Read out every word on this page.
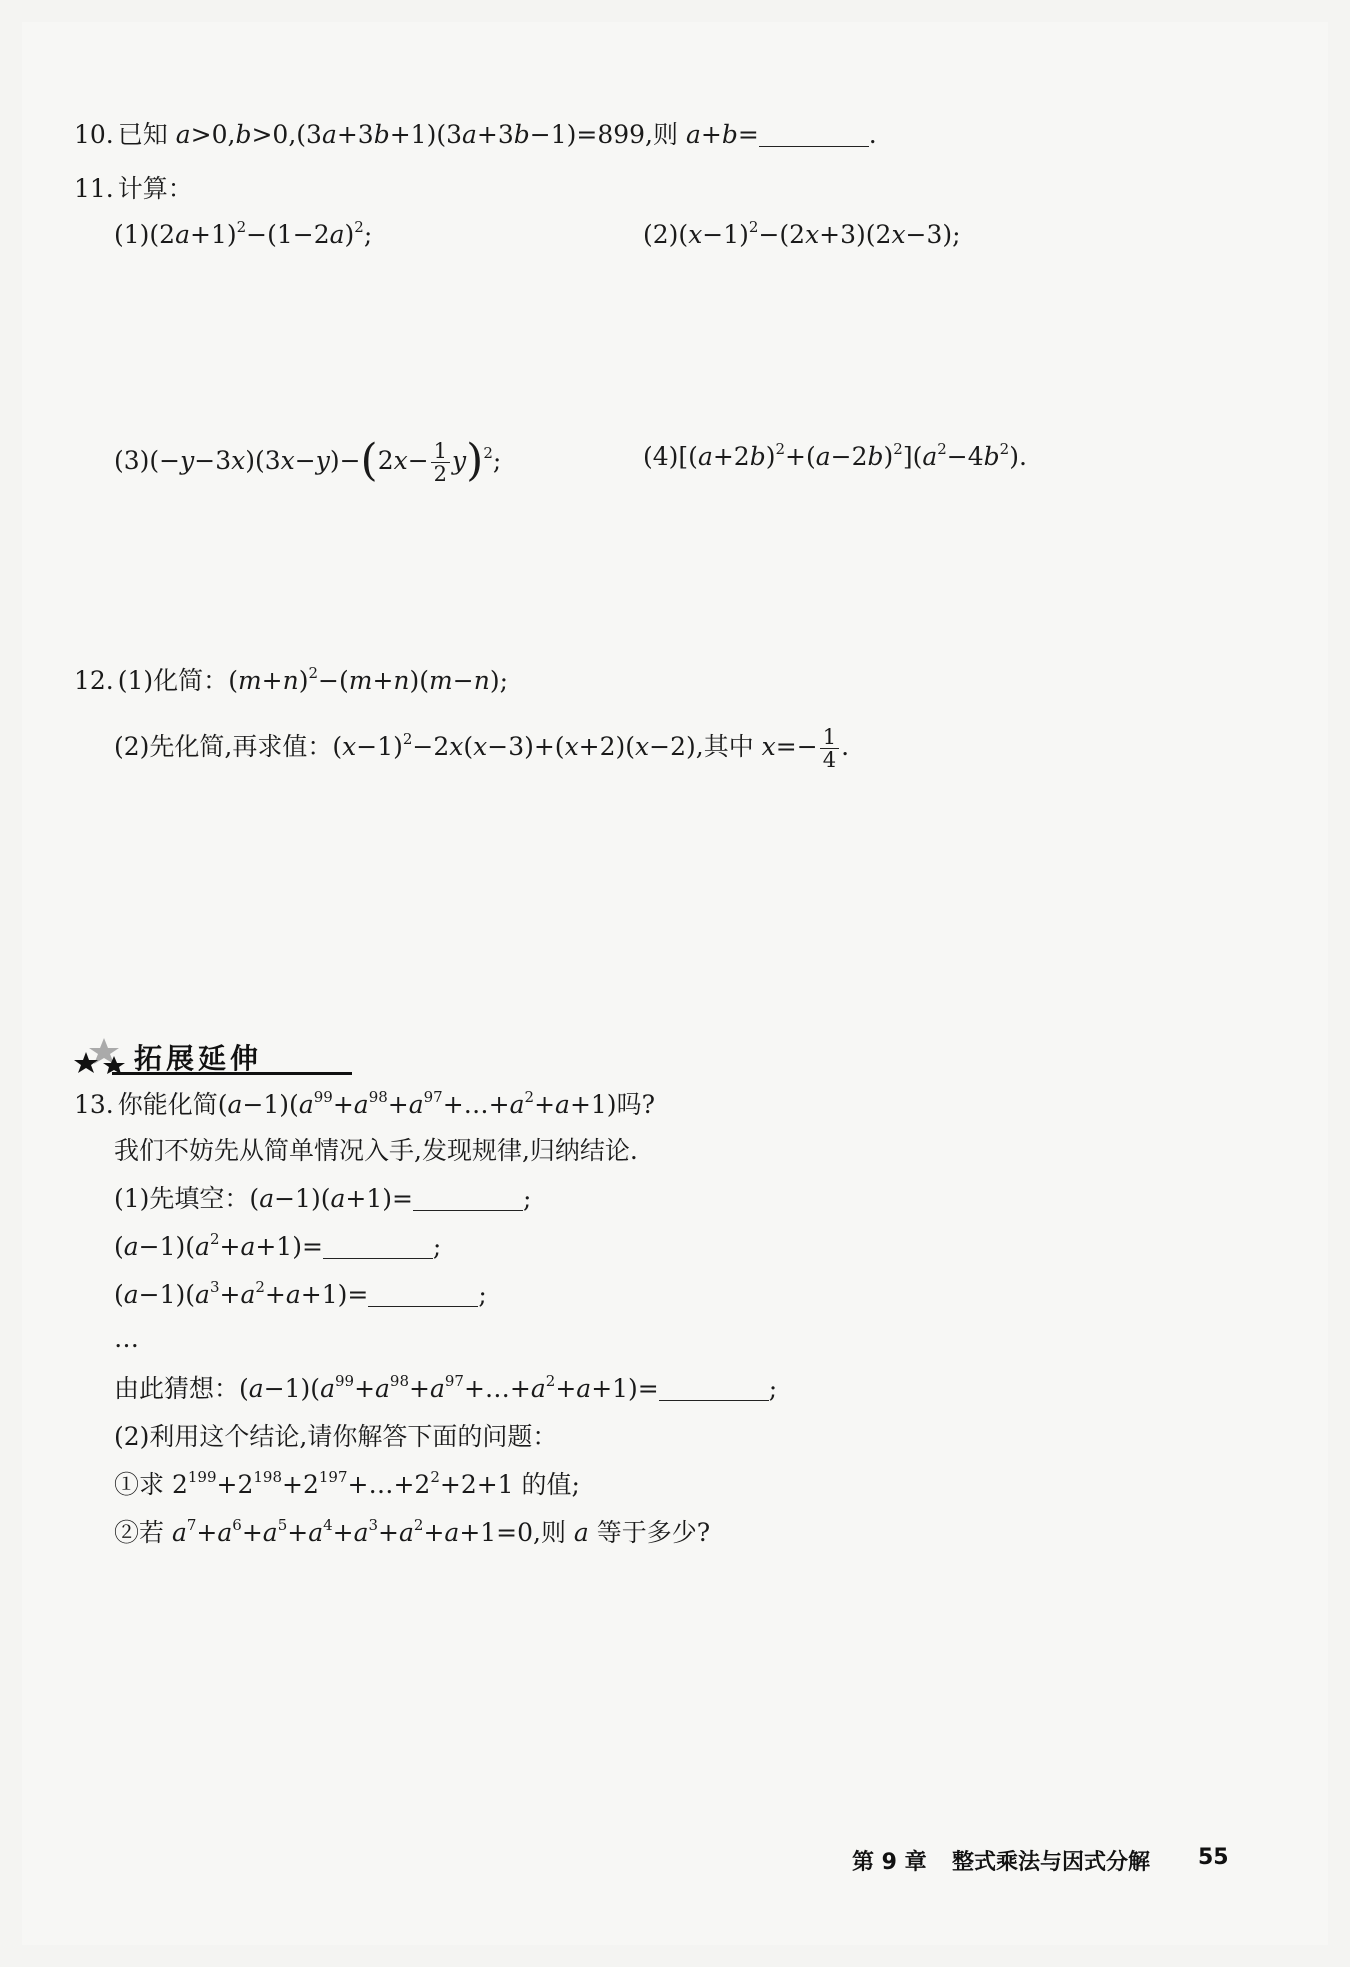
10. 已知 a>0,b>0,(3a+3b+1)(3a+3b−1)=899,则 a+b=	.
11. 计算：
$(1)(2a+1)^2-(1-2a)^2$;	$(2)(x-1)^2-(2x+3)(2x-3)$;
$(3)(-y-3x)(3x-y)-(2x- \frac{1}{2} y)^2$;	$(4)[(a+2b)^2+(a-2b)^2](a^2-4b^2)$.
12. (1)化简：$(m+n)^2-(m+n)(m-n)$;
(2)先化简,再求值：$(x-1)^2-2x(x-3)+(x+2)(x-2)$,其中 $x=- \frac{1}{4}$ .
拓展延伸
13. 你能化简$(a-1)(a^{99}+a^{98}+a^{97}+\dots+a^2+a+1)$吗?
我们不妨先从简单情况入手,发现规律,归纳结论.
(1)先填空：(a−1)(a+1)=	;
$(a-1)(a^2+a+1)=$	;
$(a-1)(a^3+a^2+a+1)=$	;
…
由此猜想：$(a-1)(a^{99}+a^{98}+a^{97}+\dots+a^2+a+1)=$	;
(2)利用这个结论,请你解答下面的问题：
①求 $2^{199}+2^{198}+2^{197}+\dots+2^2+2+1$ 的值;
②若 $a^7+a^6+a^5+a^4+a^3+a^2+a+1=0$,则 a 等于多少?
第 9 章 整式乘法与因式分解 55
